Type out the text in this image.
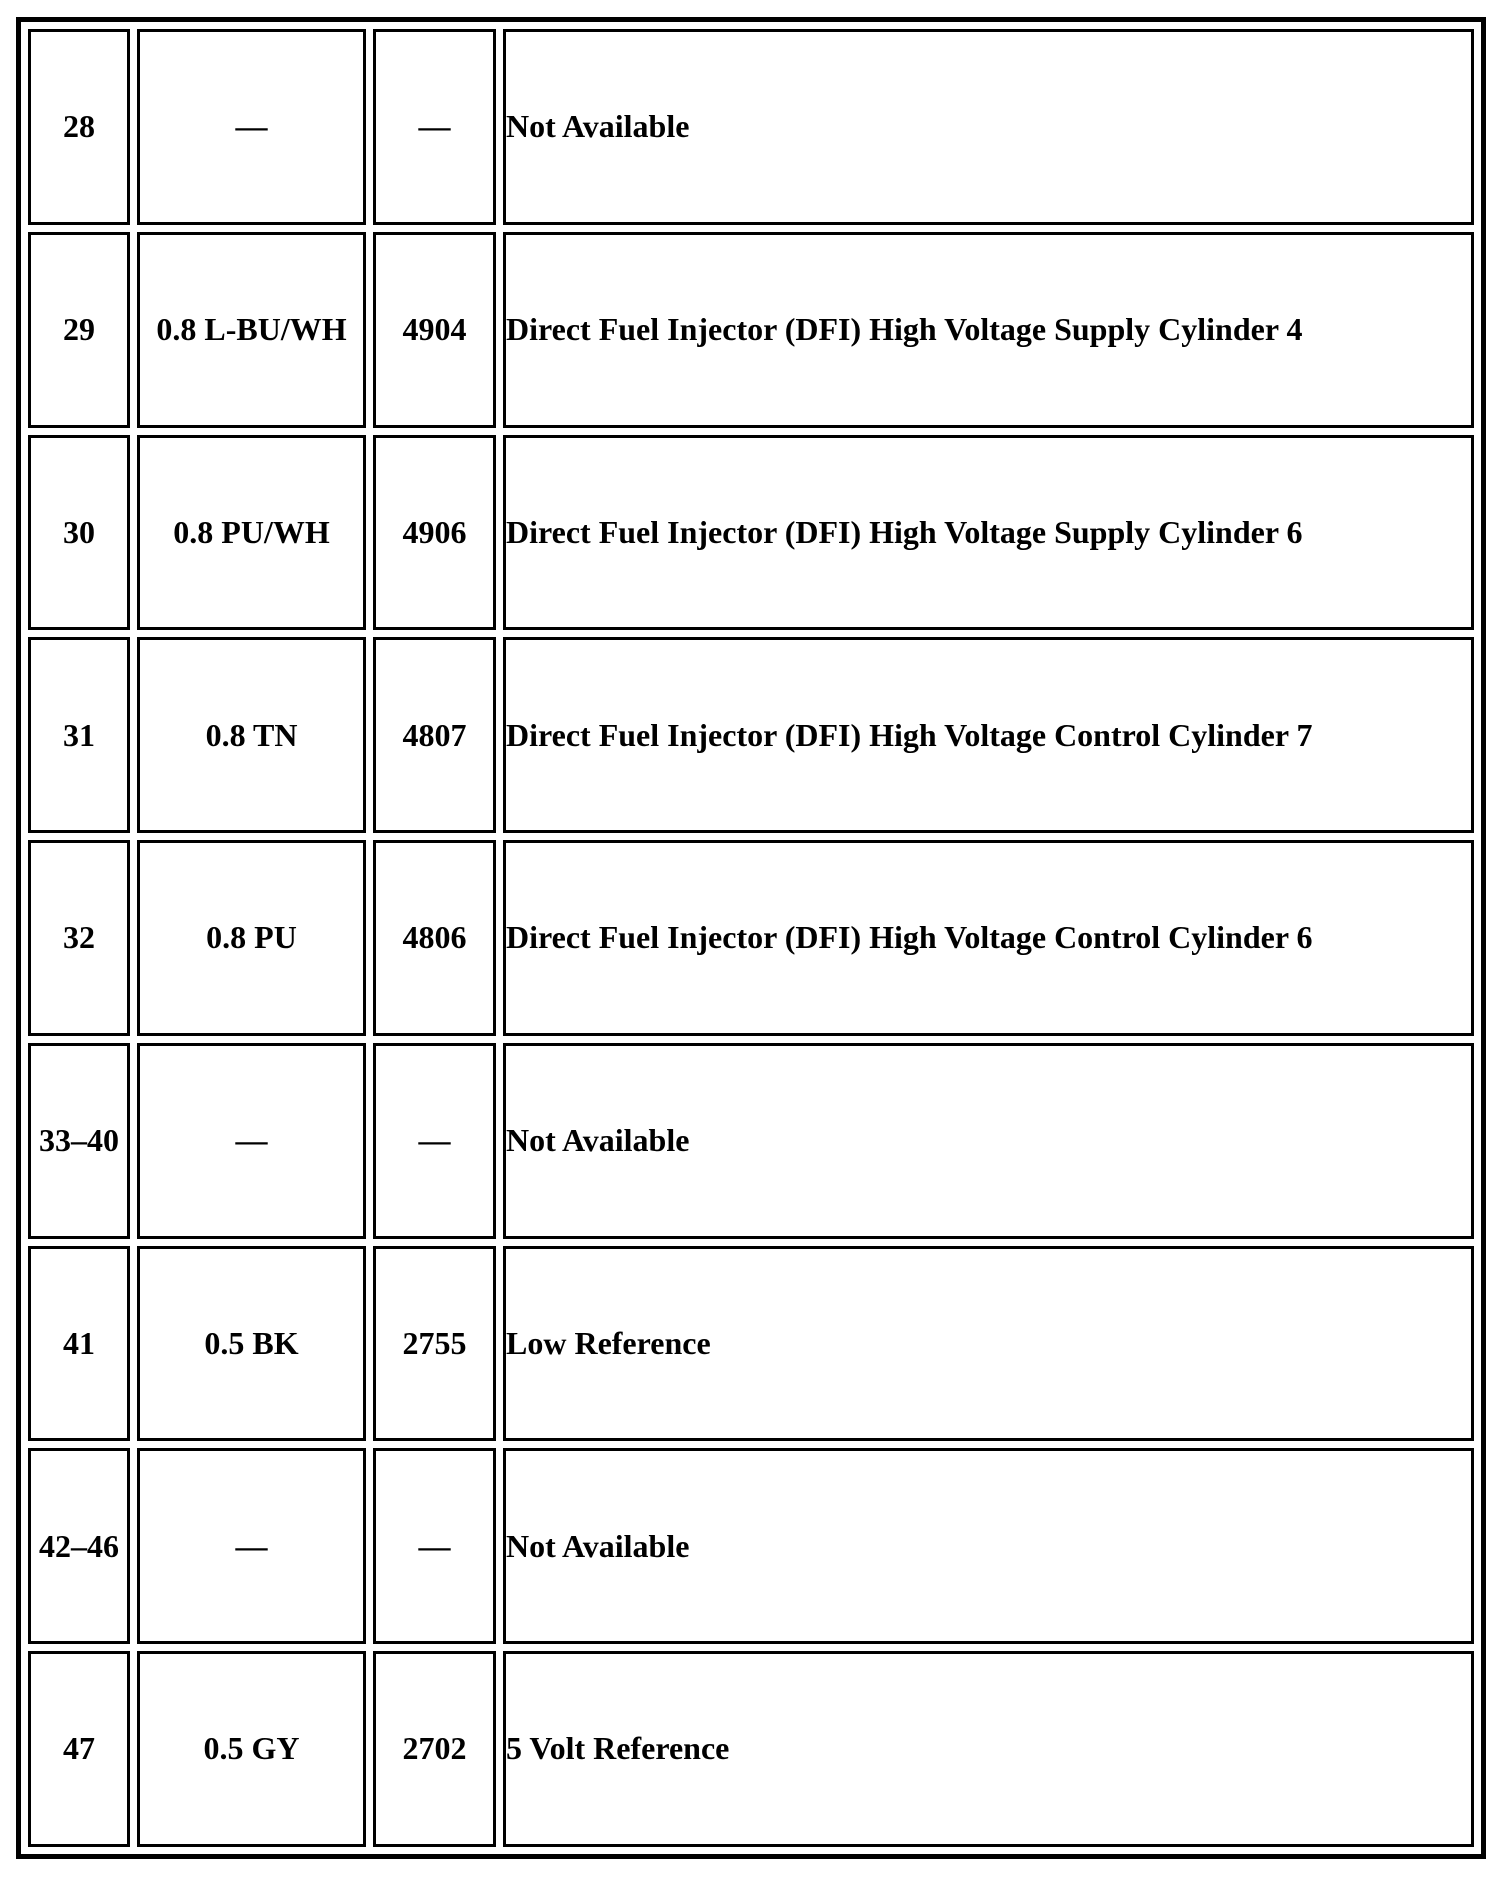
28	—	—	Not Available
29	0.8 L-BU/WH	4904	Direct Fuel Injector (DFI) High Voltage Supply Cylinder 4
30	0.8 PU/WH	4906	Direct Fuel Injector (DFI) High Voltage Supply Cylinder 6
31	0.8 TN	4807	Direct Fuel Injector (DFI) High Voltage Control Cylinder 7
32	0.8 PU	4806	Direct Fuel Injector (DFI) High Voltage Control Cylinder 6
33–40	—	—	Not Available
41	0.5 BK	2755	Low Reference
42–46	—	—	Not Available
47	0.5 GY	2702	5 Volt Reference
